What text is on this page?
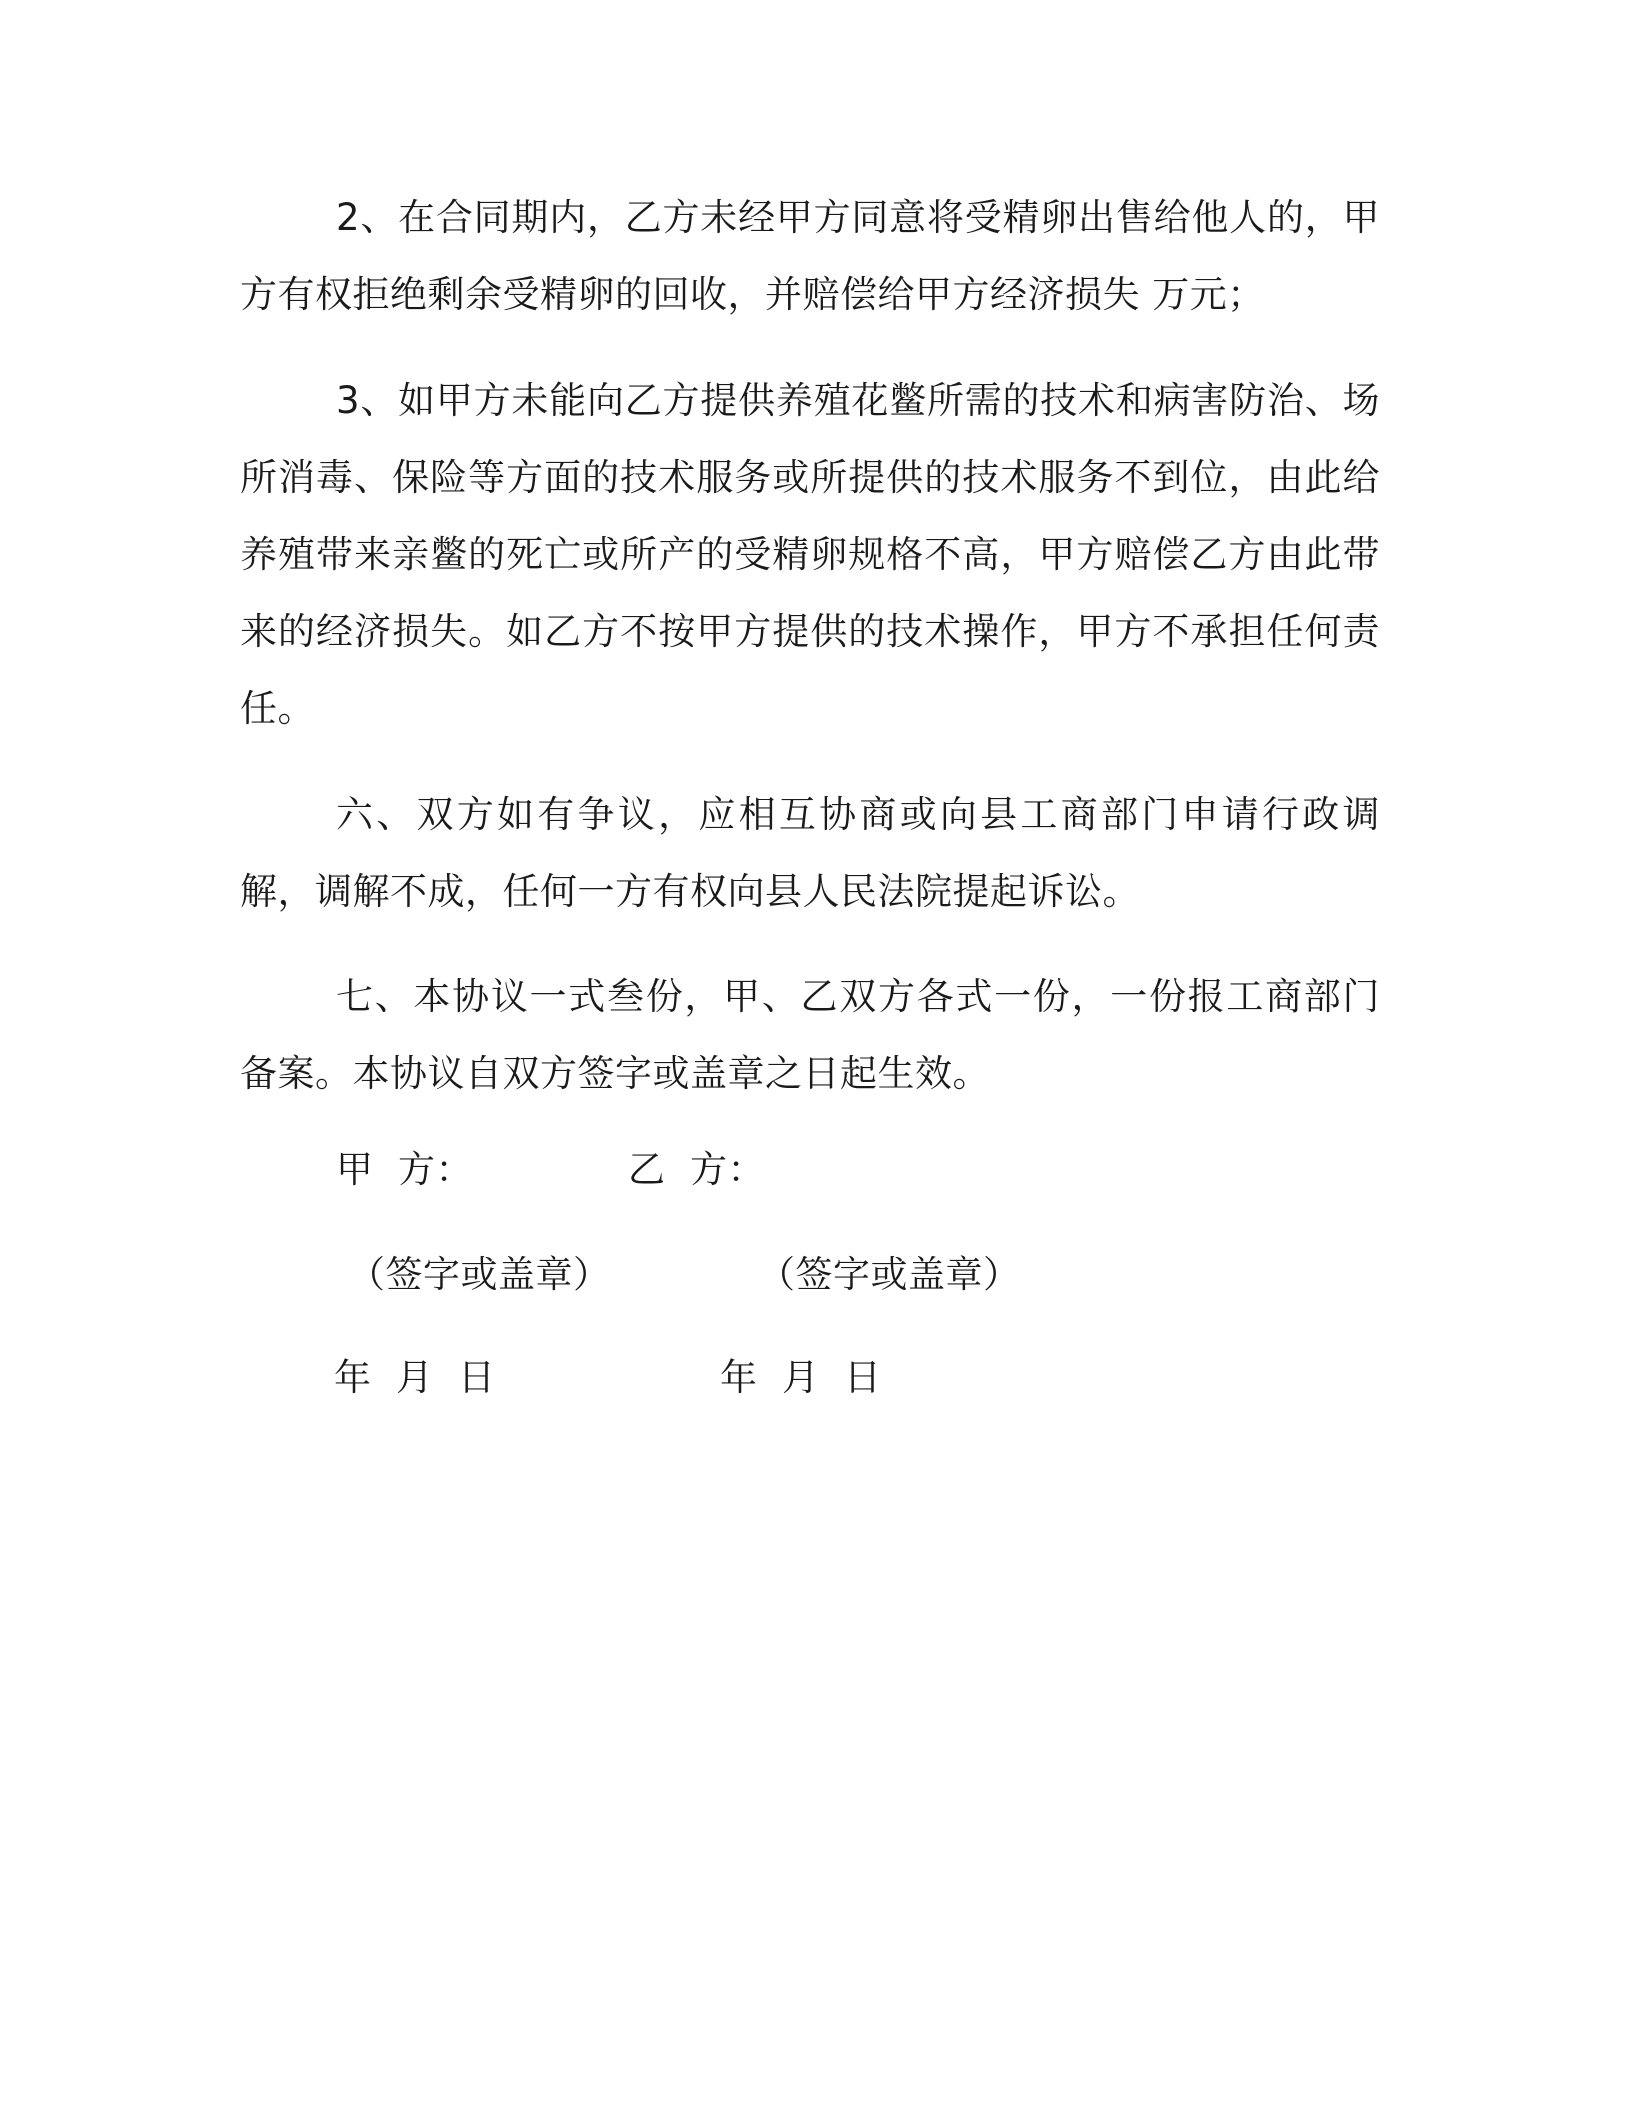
2、在合同期内，乙方未经甲方同意将受精卵出售给他人的，甲方有权拒绝剩余受精卵的回收，并赔偿给甲方经济损失 万元；

3、如甲方未能向乙方提供养殖花鳖所需的技术和病害防治、场所消毒、保险等方面的技术服务或所提供的技术服务不到位，由此给养殖带来亲鳖的死亡或所产的受精卵规格不高，甲方赔偿乙方由此带来的经济损失。如乙方不按甲方提供的技术操作，甲方不承担任何责任。

六、双方如有争议，应相互协商或向县工商部门申请行政调解，调解不成，任何一方有权向县人民法院提起诉讼。

七、本协议一式叁份，甲、乙双方各式一份，一份报工商部门备案。本协议自双方签字或盖章之日起生效。

甲  方：	乙  方：
（签字或盖章）	（签字或盖章）
年  月  日	年  月  日
